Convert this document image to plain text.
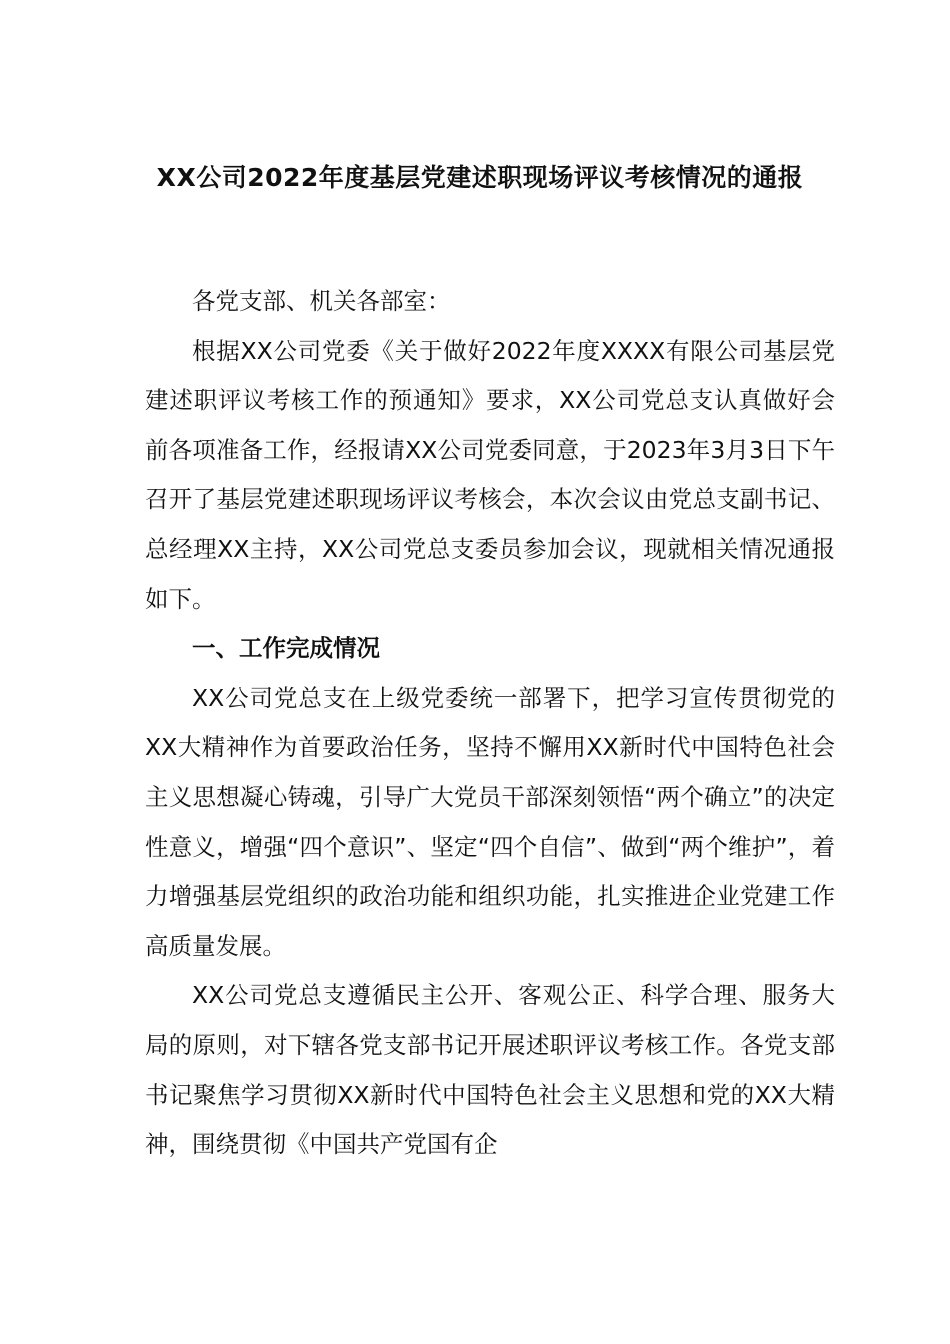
XX公司2022年度基层党建述职现场评议考核情况的通报

各党支部、机关各部室：

根据XX公司党委《关于做好2022年度XXXX有限公司基层党建述职评议考核工作的预通知》要求，XX公司党总支认真做好会前各项准备工作，经报请XX公司党委同意，于2023年3月3日下午召开了基层党建述职现场评议考核会，本次会议由党总支副书记、总经理XX主持，XX公司党总支委员参加会议，现就相关情况通报如下。

一、工作完成情况

XX公司党总支在上级党委统一部署下，把学习宣传贯彻党的XX大精神作为首要政治任务，坚持不懈用XX新时代中国特色社会主义思想凝心铸魂，引导广大党员干部深刻领悟“两个确立”的决定性意义，增强“四个意识”、坚定“四个自信”、做到“两个维护”，着力增强基层党组织的政治功能和组织功能，扎实推进企业党建工作高质量发展。

XX公司党总支遵循民主公开、客观公正、科学合理、服务大局的原则，对下辖各党支部书记开展述职评议考核工作。各党支部书记聚焦学习贯彻XX新时代中国特色社会主义思想和党的XX大精神，围绕贯彻《中国共产党国有企
